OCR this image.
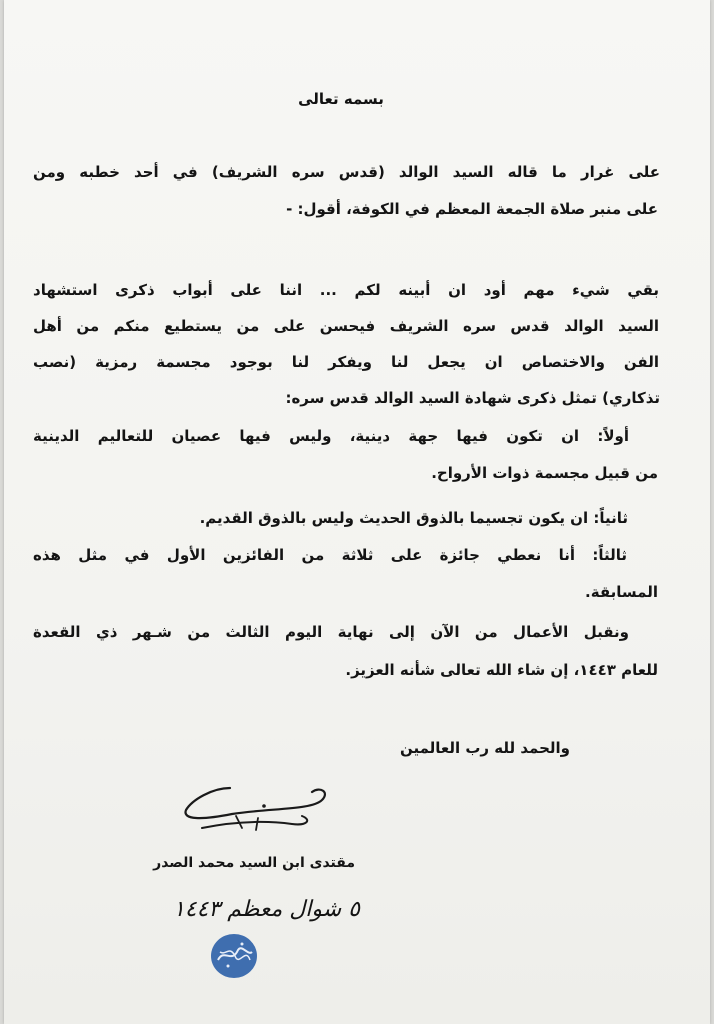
بسمه تعالى
على غرار ما قاله السيد الوالد (قدس سره الشريف) في أحد خطبه ومن
على منبر صلاة الجمعة المعظم في الكوفة، أقول: -
بقي شيء مهم أود ان أبينه لكم ... اننا على أبواب ذكرى استشهاد
السيد الوالد قدس سره الشريف فيحسن على من يستطيع منكم من أهل
الفن والاختصاص ان يجعل لنا ويفكر لنا بوجود مجسمة رمزية (نصب
تذكاري) تمثل ذكرى شهادة السيد الوالد قدس سره:
أولاً: ان تكون فيها جهة دينية، وليس فيها عصيان للتعاليم الدينية
من قبيل مجسمة ذوات الأرواح.
ثانياً: ان يكون تجسيما بالذوق الحديث وليس بالذوق القديم.
ثالثاً: أنا نعطي جائزة على ثلاثة من الفائزين الأول في مثل هذه
المسابقة.
ونقبل الأعمال من الآن إلى نهاية اليوم الثالث من شـهر ذي القعدة
للعام ١٤٤٣، إن شاء الله تعالى شأنه العزيز.
والحمد لله رب العالمين
مقتدى ابن السيد محمد الصدر
٥ شوال معظم ١٤٤٣
